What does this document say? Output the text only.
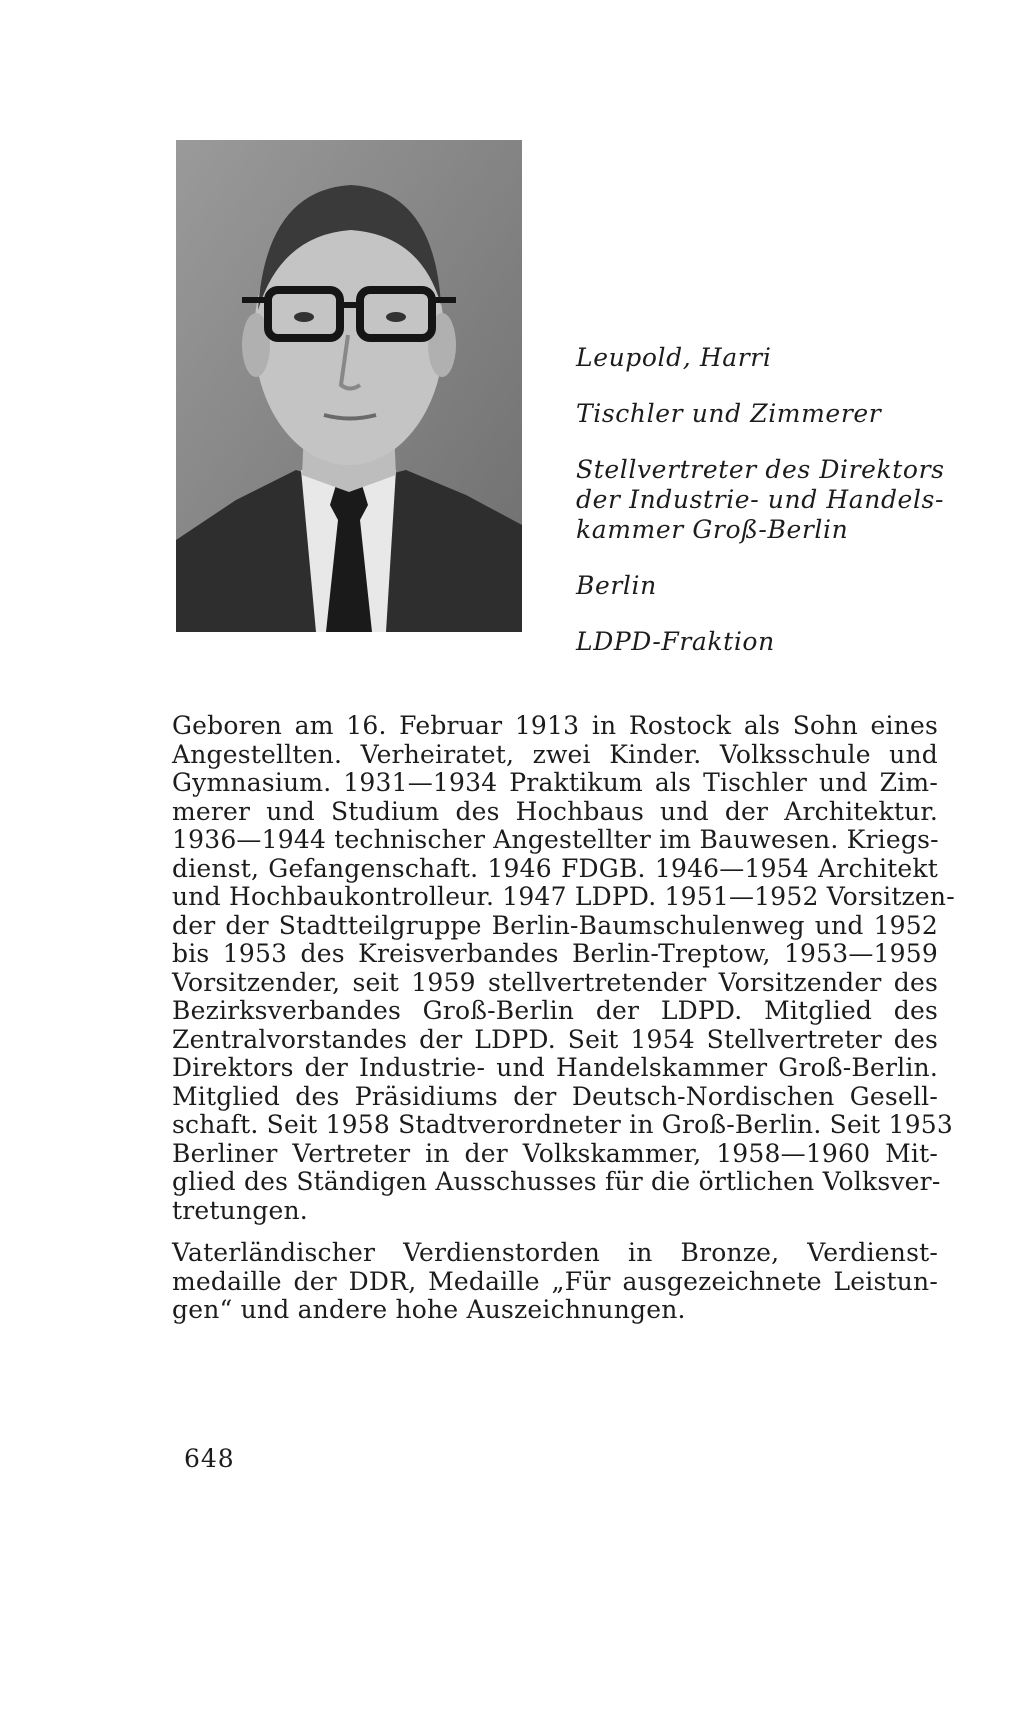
Leupold, Harri
Tischler und Zimmerer
Stellvertreter des Direktors
der Industrie- und Handels-
kammer Groß-Berlin
Berlin
LDPD-Fraktion
Geboren am 16. Februar 1913 in Rostock als Sohn eines
Angestellten. Verheiratet, zwei Kinder. Volksschule und
Gymnasium. 1931—1934 Praktikum als Tischler und Zim-
merer und Studium des Hochbaus und der Architektur.
1936—1944 technischer Angestellter im Bauwesen. Kriegs-
dienst, Gefangenschaft. 1946 FDGB. 1946—1954 Architekt
und Hochbaukontrolleur. 1947 LDPD. 1951—1952 Vorsitzen-
der der Stadtteilgruppe Berlin-Baumschulenweg und 1952
bis 1953 des Kreisverbandes Berlin-Treptow, 1953—1959
Vorsitzender, seit 1959 stellvertretender Vorsitzender des
Bezirksverbandes Groß-Berlin der LDPD. Mitglied des
Zentralvorstandes der LDPD. Seit 1954 Stellvertreter des
Direktors der Industrie- und Handelskammer Groß-Berlin.
Mitglied des Präsidiums der Deutsch-Nordischen Gesell-
schaft. Seit 1958 Stadtverordneter in Groß-Berlin. Seit 1953
Berliner Vertreter in der Volkskammer, 1958—1960 Mit-
glied des Ständigen Ausschusses für die örtlichen Volksver-
tretungen.
Vaterländischer Verdienstorden in Bronze, Verdienst-
medaille der DDR, Medaille „Für ausgezeichnete Leistun-
gen“ und andere hohe Auszeichnungen.
648
